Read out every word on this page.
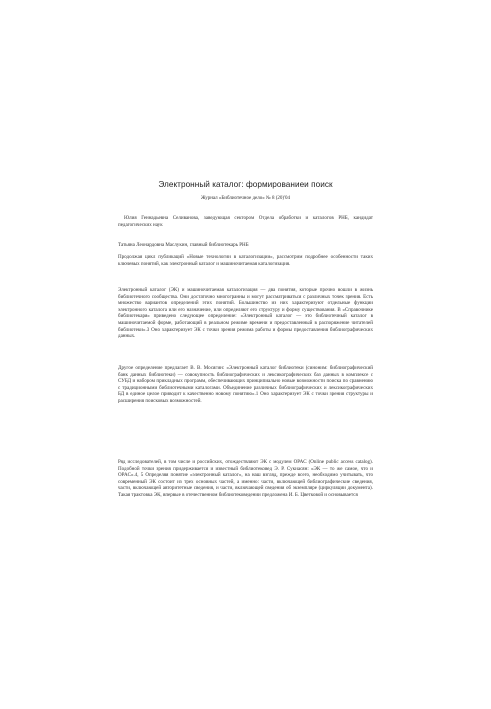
Электронный каталог: формированиеи поиск
Журнал «Библиотечное дело» № 8 (20)'04

Юлия Геннадьевна Селиванова, заведующая сектором Отдела обработки и каталогов РНБ, кандидат педагогических наук

Татьяна Леонардовна Маслукин, главный библиотекарь РНБ

Продолжая цикл публикаций «Новые технологии в каталогизации», рассмотрим подробнее особенности таких ключевых понятий, как электронный каталог и машиночитаемая каталогизация.

Электронный каталог (ЭК) и машиночитаемая каталогизация — два понятия, которые прочно вошли в жизнь библиотечного сообщества. Они достаточно многогранны и могут рассматриваться с различных точек зрения. Есть множество вариантов определений этих понятий. Большинство из них характеризуют отдельные функции электронного каталога или его назначение, или определяют его структуру и форму существования. В «Справочнике библиотекаря» приведено следующее определение: «Электронный каталог — это библиотечный каталог в машиночитаемой форме, работающий в реальном режиме времени и предоставленный в распоряжение читателей библиотеки».3 Оно характеризует ЭК с точки зрения режима работы и формы предоставления библиографических данных.

Другое определение предлагает В. В. Мосягин: «Электронный каталог библиотеки (синоним: библиографический банк данных библиотеки) — совокупность библиографических и лексикографических баз данных в комплексе с СУБД и набором прикладных программ, обеспечивающих принципиально новые возможности поиска по сравнению с традиционными библиотечными каталогами. Объединение различных библиографических и лексикографических БД в единое целое приводит к качественно новому понятию».1 Оно характеризует ЭК с точки зрения структуры и расширения поисковых возможностей.

Ряд исследователей, в том числе и российских, отождествляют ЭК с модулем OPAC (Online public access catalog). Подобной точки зрения придерживается и известный библиотековед Э. Р. Сукиасян: «ЭК — то же самое, что и OPAC».4, 5 Определяя понятие «электронный каталог», на наш взгляд, прежде всего, необходимо учитывать, что современный ЭК состоит из трех основных частей, а именно: части, включающей библиографические сведения, части, включающей авторитетные сведения, и части, включающей сведения об экземпляре (циркуляции документа). Такая трактовка ЭК, впервые в отечественном библиотековедении предложена И. Б. Цветковой и основывается
